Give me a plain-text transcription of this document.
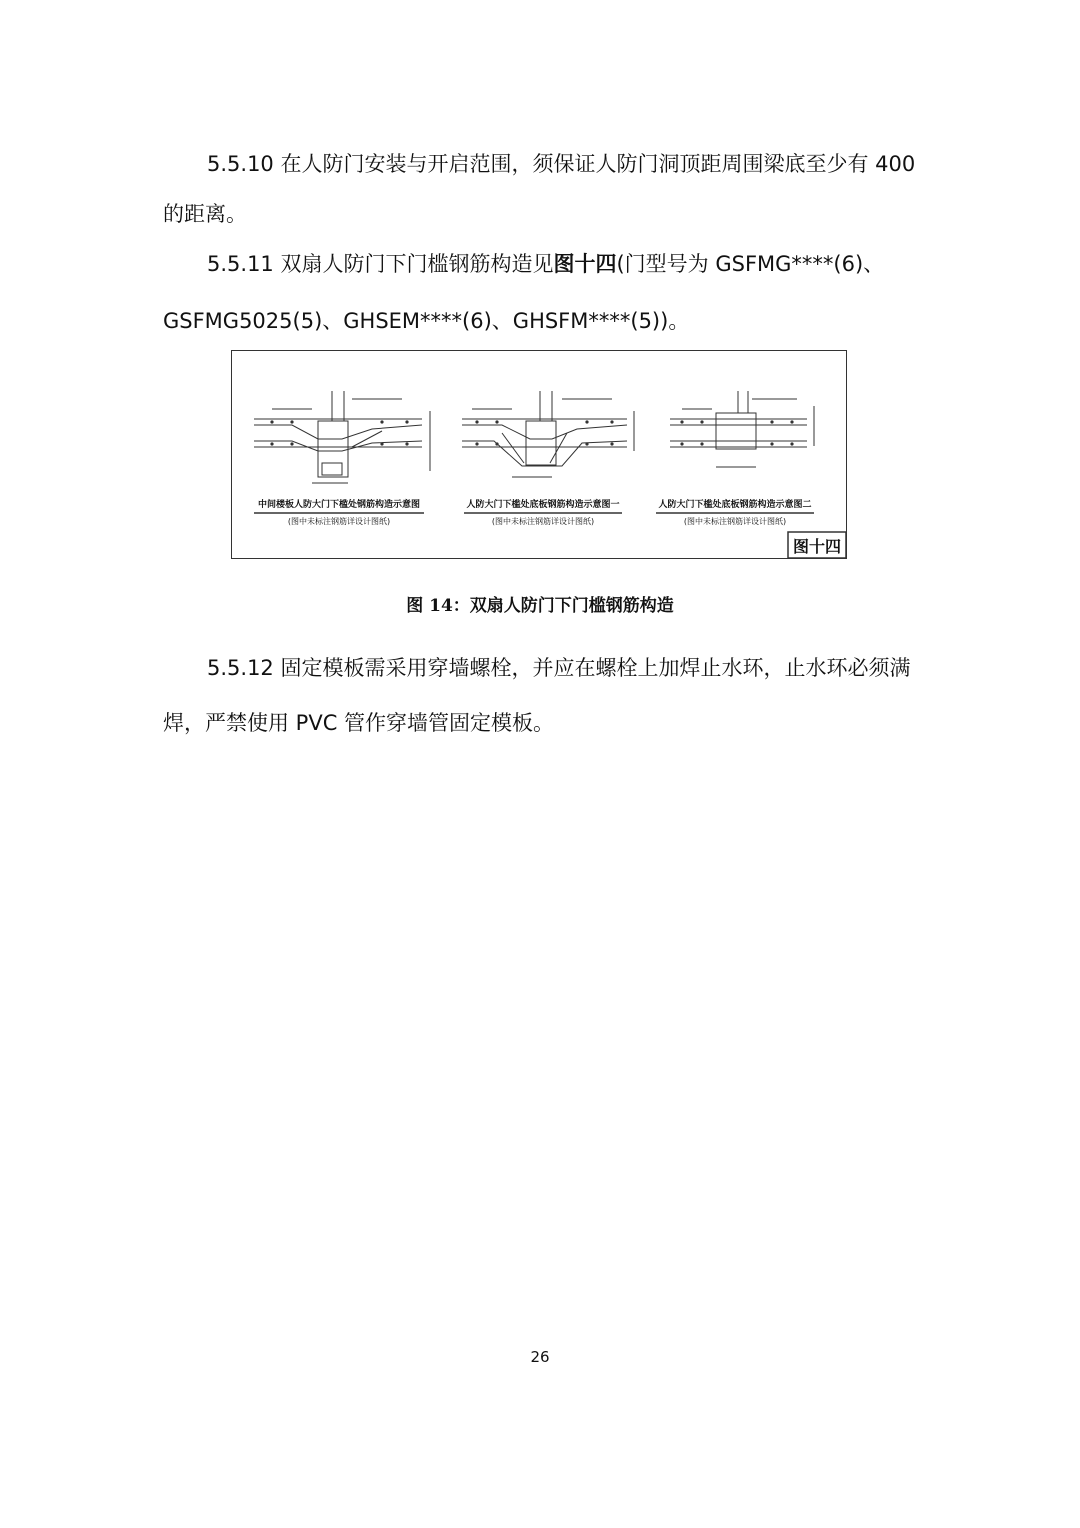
5.5.10 在人防门安装与开启范围，须保证人防门洞顶距周围梁底至少有 400
的距离。
5.5.11 双扇人防门下门槛钢筋构造见图十四(门型号为 GSFMG****(6)、
GSFMG5025(5)、GHSEM****(6)、GHSFM****(5))。
中间楼板人防大门下槛处钢筋构造示意图
(图中未标注钢筋详设计图纸)
人防大门下槛处底板钢筋构造示意图一
(图中未标注钢筋详设计图纸)
人防大门下槛处底板钢筋构造示意图二
(图中未标注钢筋详设计图纸)
图十四
图 14：双扇人防门下门槛钢筋构造
5.5.12 固定模板需采用穿墙螺栓，并应在螺栓上加焊止水环，止水环必须满
焊，严禁使用 PVC 管作穿墙管固定模板。
26
